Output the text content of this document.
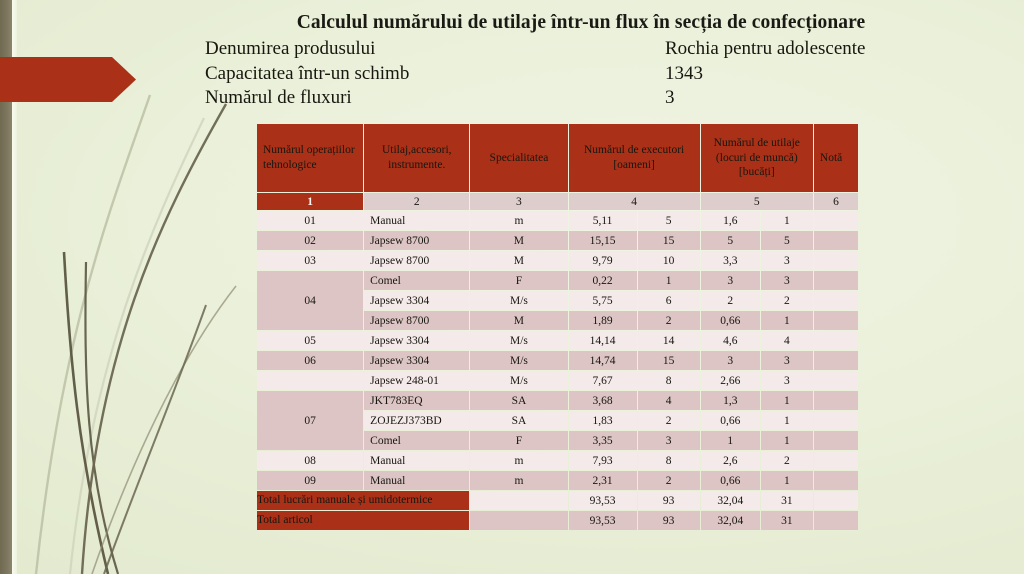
Calculul numărului de utilaje într-un flux în secția de confecționare
Denumirea produsului	Rochia pentru adolescente
Capacitatea într-un schimb	1343
Numărul de fluxuri	3
Numărul operațiilor tehnologice	Utilaj,accesori, instrumente.	Specialitatea	Numărul de executori [oameni]		Numărul de utilaje (locuri de muncă) [bucăți]		Notă
1	2	3	4		5		6
01	Manual	m	5,11	5	1,6	1	
02	Japsew 8700	M	15,15	15	5	5	
03	Japsew 8700	M	9,79	10	3,3	3	
04	Comel	F	0,22	1	3	3	
	Japsew 3304	M/s	5,75	6	2	2	
	Japsew 8700	M	1,89	2	0,66	1	
05	Japsew 3304	M/s	14,14	14	4,6	4	
06	Japsew 3304	M/s	14,74	15	3	3	
	Japsew 248-01	M/s	7,67	8	2,66	3	
07	JKT783EQ	SA	3,68	4	1,3	1	
	ZOJEZJ373BD	SA	1,83	2	0,66	1	
	Comel	F	3,35	3	1	1	
08	Manual	m	7,93	8	2,6	2	
09	Manual	m	2,31	2	0,66	1	
Total lucrări manuale și umidotermice			93,53	93	32,04	31	
Total articol			93,53	93	32,04	31	
